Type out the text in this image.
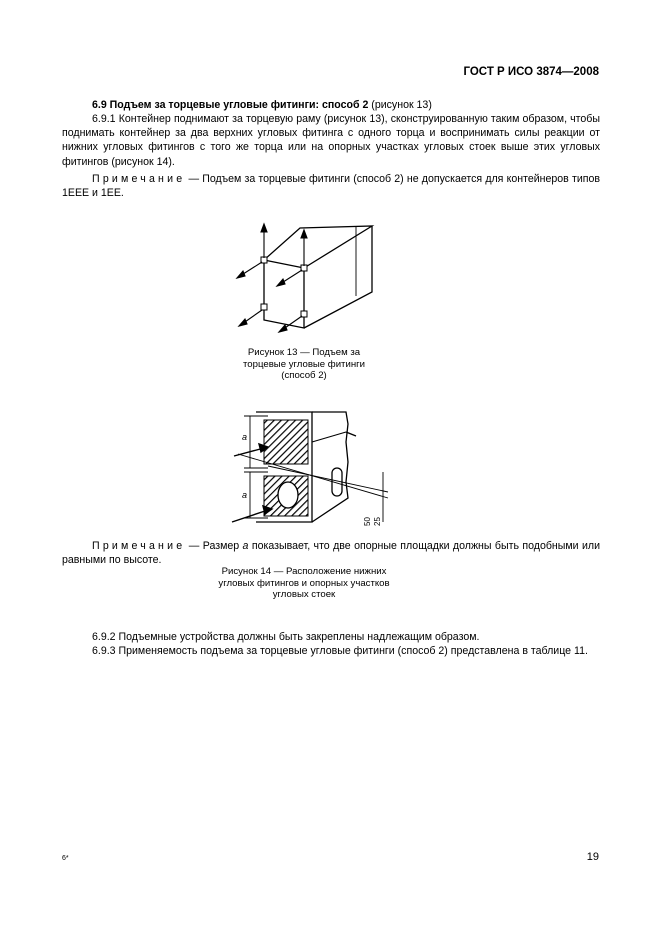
ГОСТ Р ИСО 3874—2008
6.9 Подъем за торцевые угловые фитинги: способ 2 (рисунок 13)
6.9.1 Контейнер поднимают за торцевую раму (рисунок 13), сконструированную таким образом, чтобы поднимать контейнер за два верхних угловых фитинга с одного торца и воспринимать силы реакции от нижних угловых фитингов с того же торца или на опорных участках угловых стоек выше этих угловых фитингов (рисунок 14).
Примечание — Подъем за торцевые фитинги (способ 2) не допускается для контейнеров типов 1EEE и 1EE.
Рисунок 13 — Подъем за торцевые угловые фитинги (способ 2)
a
a
50 25
Примечание — Размер a показывает, что две опорные площадки должны быть подобными или равными по высоте.
Рисунок 14 — Расположение нижних угловых фитингов и опорных участков угловых стоек
6.9.2 Подъемные устройства должны быть закреплены надлежащим образом.
6.9.3 Применяемость подъема за торцевые угловые фитинги (способ 2) представлена в таблице 11.
6*	19
